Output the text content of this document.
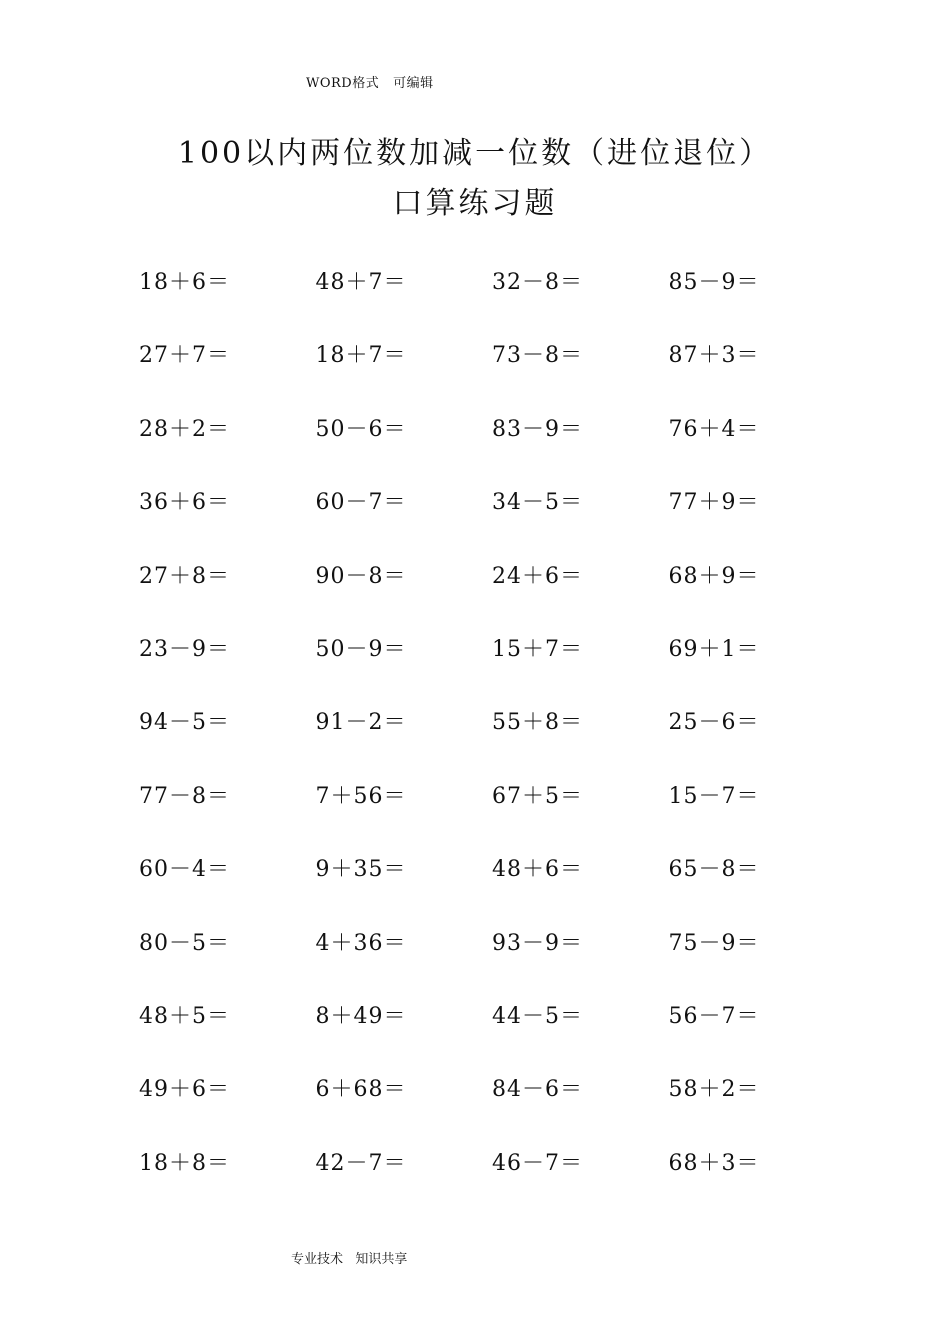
WORD格式   可编辑
100以内两位数加减一位数（进位退位）
口算练习题
18＋6＝	48＋7＝	32－8＝	85－9＝
27＋7＝	18＋7＝	73－8＝	87＋3＝
28＋2＝	50－6＝	83－9＝	76＋4＝
36＋6＝	60－7＝	34－5＝	77＋9＝
27＋8＝	90－8＝	24＋6＝	68＋9＝
23－9＝	50－9＝	15＋7＝	69＋1＝
94－5＝	91－2＝	55＋8＝	25－6＝
77－8＝	7＋56＝	67＋5＝	15－7＝
60－4＝	9＋35＝	48＋6＝	65－8＝
80－5＝	4＋36＝	93－9＝	75－9＝
48＋5＝	8＋49＝	44－5＝	56－7＝
49＋6＝	6＋68＝	84－6＝	58＋2＝
18＋8＝	42－7＝	46－7＝	68＋3＝
专业技术   知识共享
